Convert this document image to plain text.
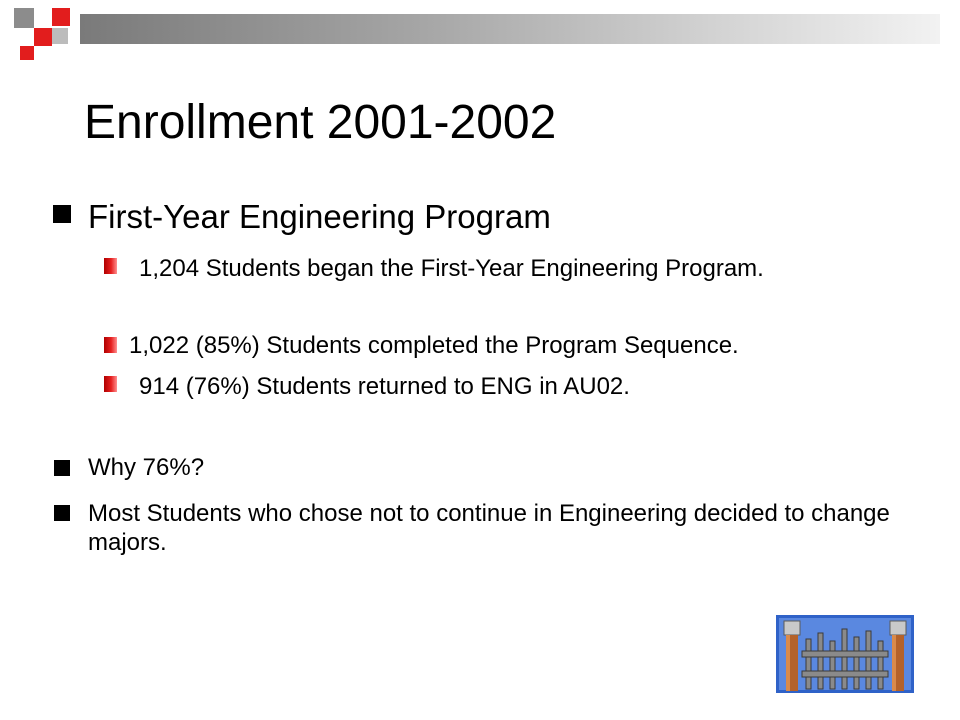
Enrollment 2001-2002
First-Year Engineering Program
1,204 Students began the First-Year Engineering Program.
1,022 (85%) Students completed the Program Sequence.
914 (76%) Students returned to ENG in AU02.
Why 76%?
Most Students who chose not to continue in Engineering decided to change majors.
